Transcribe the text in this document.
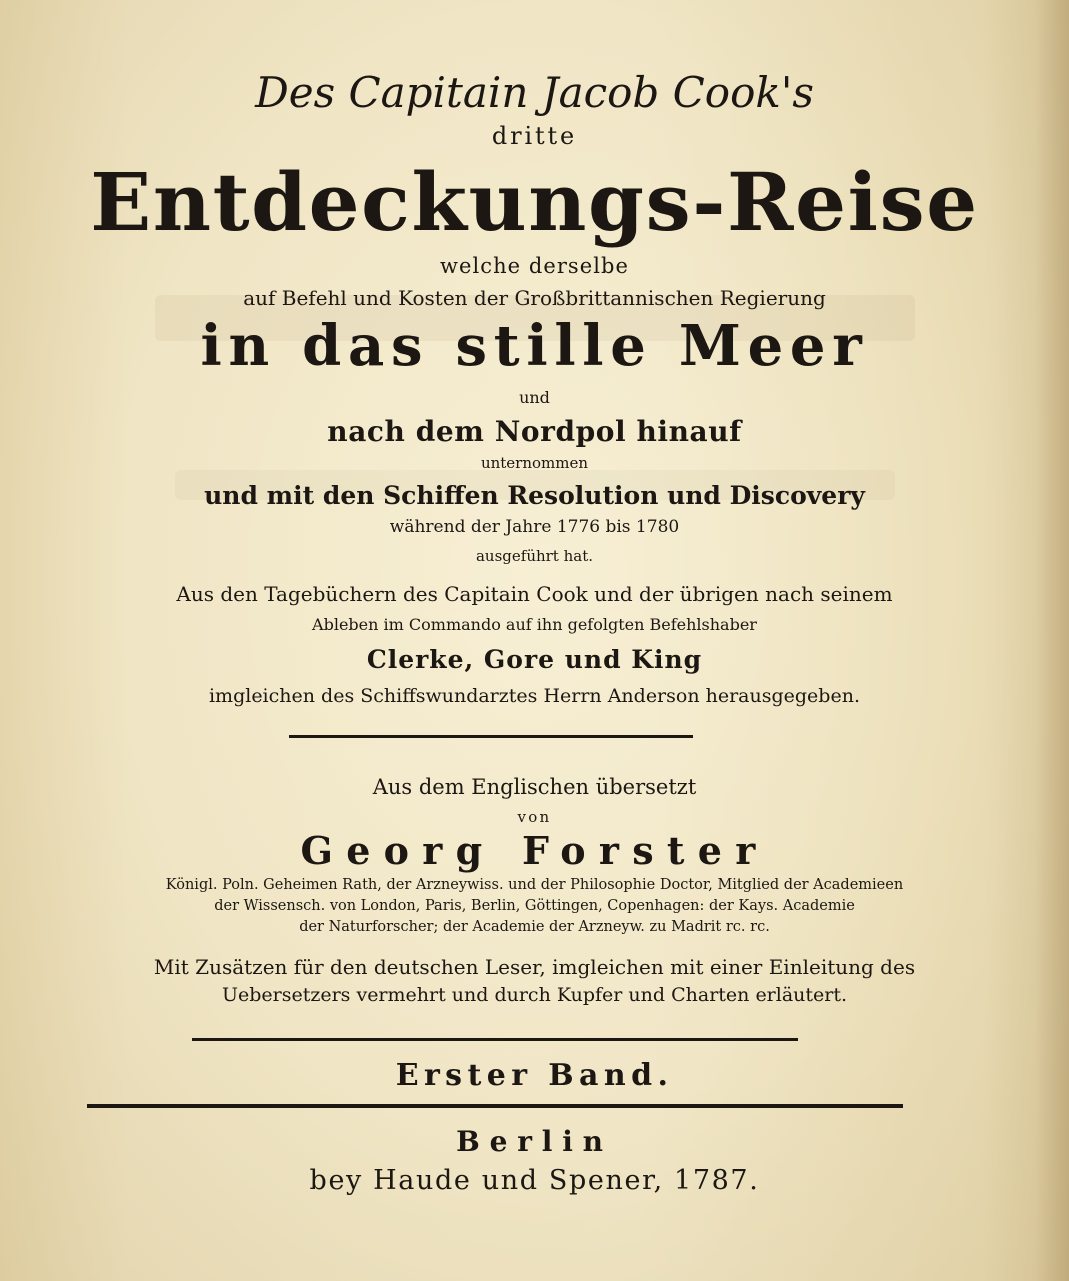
Des Capitain Jacob Cook's
dritte
Entdeckungs-Reise
welche derselbe
auf Befehl und Kosten der Großbrittannischen Regierung
in das stille Meer
und
nach dem Nordpol hinauf
unternommen
und mit den Schiffen Resolution und Discovery
während der Jahre 1776 bis 1780
ausgeführt hat.
Aus den Tagebüchern des Capitain Cook und der übrigen nach seinem
Ableben im Commando auf ihn gefolgten Befehlshaber
Clerke, Gore und King
imgleichen des Schiffswundarztes Herrn Anderson herausgegeben.
Aus dem Englischen übersetzt
von
Georg Forster
Königl. Poln. Geheimen Rath, der Arzneywiss. und der Philosophie Doctor, Mitglied der Academieen
der Wissensch. von London, Paris, Berlin, Göttingen, Copenhagen: der Kays. Academie
der Naturforscher; der Academie der Arzneyw. zu Madrit rc. rc.
Mit Zusätzen für den deutschen Leser, imgleichen mit einer Einleitung des
Uebersetzers vermehrt und durch Kupfer und Charten erläutert.
Erster Band.
Berlin
bey Haude und Spener, 1787.
